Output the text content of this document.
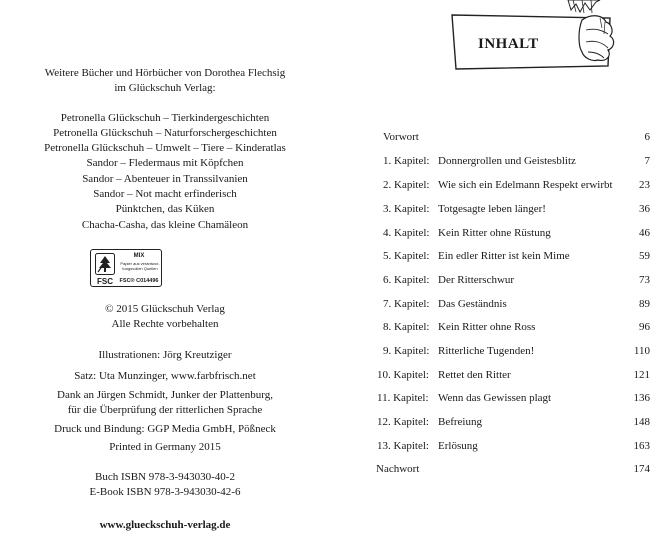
Weitere Bücher und Hörbücher von Dorothea Flechsig
im Glückschuh Verlag:
Petronella Glückschuh – Tierkindergeschichten
Petronella Glückschuh – Naturforschergeschichten
Petronella Glückschuh – Umwelt – Tiere – Kinderatlas
Sandor – Fledermaus mit Köpfchen
Sandor – Abenteuer in Transsilvanien
Sandor – Not macht erfinderisch
Pünktchen, das Küken
Chacha-Casha, das kleine Chamäleon
FSC
MIX
Papier aus verantwor-
tungsvollen Quellen
FSC® C014496
© 2015 Glückschuh Verlag
Alle Rechte vorbehalten
Illustrationen: Jörg Kreutziger
Satz: Uta Munzinger, www.farbfrisch.net
Dank an Jürgen Schmidt, Junker der Plattenburg,
für die Überprüfung der ritterlichen Sprache
Druck und Bindung: GGP Media GmbH, Pößneck
Printed in Germany 2015
Buch ISBN 978-3-943030-40-2
E-Book ISBN 978-3-943030-42-6
www.glueckschuh-verlag.de
INHALT
Vorwort	6
1. Kapitel: Donnergrollen und Geistesblitz	7
2. Kapitel: Wie sich ein Edelmann Respekt erwirbt 23
3. Kapitel: Totgesagte leben länger!	36
4. Kapitel: Kein Ritter ohne Rüstung	46
5. Kapitel: Ein edler Ritter ist kein Mime	59
6. Kapitel: Der Ritterschwur	73
7. Kapitel: Das Geständnis	89
8. Kapitel: Kein Ritter ohne Ross	96
9. Kapitel: Ritterliche Tugenden!	110
10. Kapitel: Rettet den Ritter	121
11. Kapitel: Wenn das Gewissen plagt	136
12. Kapitel: Befreiung	148
13. Kapitel: Erlösung	163
Nachwort	174
